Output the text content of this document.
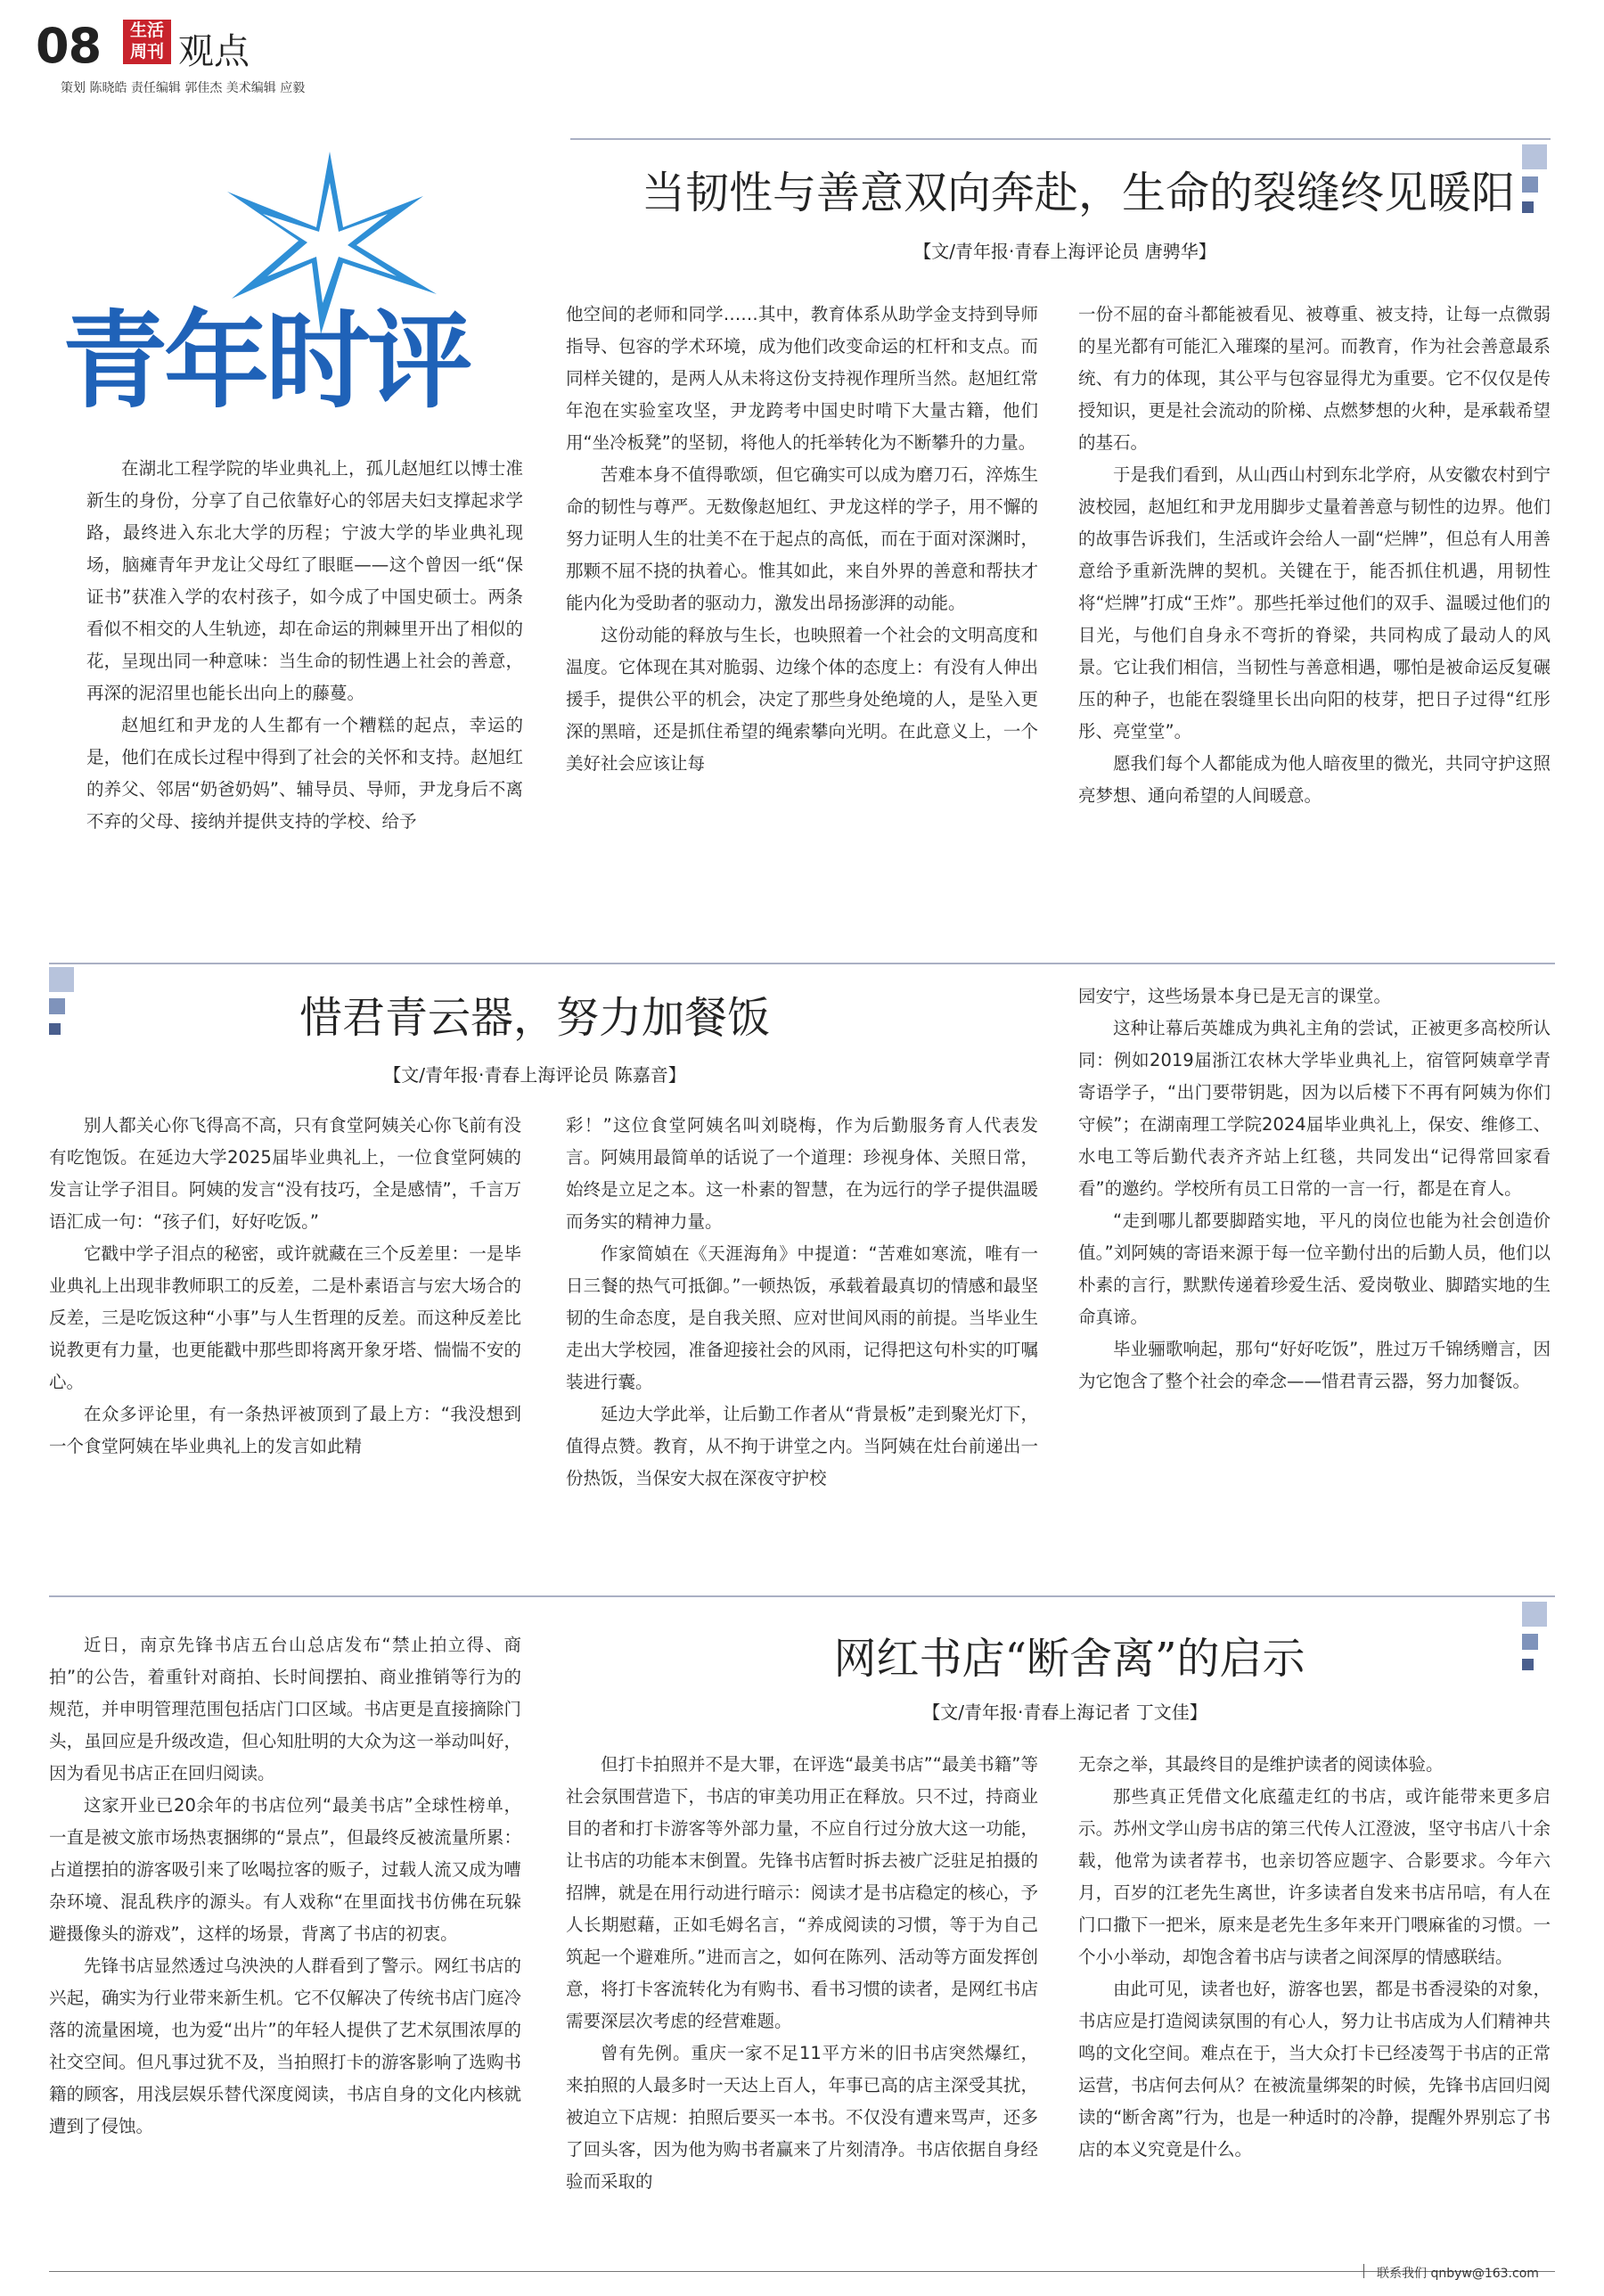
08	生活周刊 观点
策划 陈晓皓 责任编辑 郭佳杰 美术编辑 应毅
青年时评
当韧性与善意双向奔赴，生命的裂缝终见暖阳
【文/青年报·青春上海评论员 唐骋华】

在湖北工程学院的毕业典礼上，孤儿赵旭红以博士准新生的身份，分享了自己依靠好心的邻居夫妇支撑起求学路，最终进入东北大学的历程；宁波大学的毕业典礼现场，脑瘫青年尹龙让父母红了眼眶——这个曾因一纸“保证书”获准入学的农村孩子，如今成了中国史硕士。两条看似不相交的人生轨迹，却在命运的荆棘里开出了相似的花，呈现出同一种意味：当生命的韧性遇上社会的善意，再深的泥沼里也能长出向上的藤蔓。

赵旭红和尹龙的人生都有一个糟糕的起点，幸运的是，他们在成长过程中得到了社会的关怀和支持。赵旭红的养父、邻居“奶爸奶妈”、辅导员、导师，尹龙身后不离不弃的父母、接纳并提供支持的学校、给予

他空间的老师和同学……其中，教育体系从助学金支持到导师指导、包容的学术环境，成为他们改变命运的杠杆和支点。而同样关键的，是两人从未将这份支持视作理所当然。赵旭红常年泡在实验室攻坚，尹龙跨考中国史时啃下大量古籍，他们用“坐冷板凳”的坚韧，将他人的托举转化为不断攀升的力量。

苦难本身不值得歌颂，但它确实可以成为磨刀石，淬炼生命的韧性与尊严。无数像赵旭红、尹龙这样的学子，用不懈的努力证明人生的壮美不在于起点的高低，而在于面对深渊时，那颗不屈不挠的执着心。惟其如此，来自外界的善意和帮扶才能内化为受助者的驱动力，激发出昂扬澎湃的动能。

这份动能的释放与生长，也映照着一个社会的文明高度和温度。它体现在其对脆弱、边缘个体的态度上：有没有人伸出援手，提供公平的机会，决定了那些身处绝境的人，是坠入更深的黑暗，还是抓住希望的绳索攀向光明。在此意义上，一个美好社会应该让每

一份不屈的奋斗都能被看见、被尊重、被支持，让每一点微弱的星光都有可能汇入璀璨的星河。而教育，作为社会善意最系统、有力的体现，其公平与包容显得尤为重要。它不仅仅是传授知识，更是社会流动的阶梯、点燃梦想的火种，是承载希望的基石。

于是我们看到，从山西山村到东北学府，从安徽农村到宁波校园，赵旭红和尹龙用脚步丈量着善意与韧性的边界。他们的故事告诉我们，生活或许会给人一副“烂牌”，但总有人用善意给予重新洗牌的契机。关键在于，能否抓住机遇，用韧性将“烂牌”打成“王炸”。那些托举过他们的双手、温暖过他们的目光，与他们自身永不弯折的脊梁，共同构成了最动人的风景。它让我们相信，当韧性与善意相遇，哪怕是被命运反复碾压的种子，也能在裂缝里长出向阳的枝芽，把日子过得“红彤彤、亮堂堂”。

愿我们每个人都能成为他人暗夜里的微光，共同守护这照亮梦想、通向希望的人间暖意。

惜君青云器，努力加餐饭
【文/青年报·青春上海评论员 陈嘉音】

别人都关心你飞得高不高，只有食堂阿姨关心你飞前有没有吃饱饭。在延边大学2025届毕业典礼上，一位食堂阿姨的发言让学子泪目。阿姨的发言“没有技巧，全是感情”，千言万语汇成一句：“孩子们，好好吃饭。”

它戳中学子泪点的秘密，或许就藏在三个反差里：一是毕业典礼上出现非教师职工的反差，二是朴素语言与宏大场合的反差，三是吃饭这种“小事”与人生哲理的反差。而这种反差比说教更有力量，也更能戳中那些即将离开象牙塔、惴惴不安的心。

在众多评论里，有一条热评被顶到了最上方：“我没想到一个食堂阿姨在毕业典礼上的发言如此精

彩！”这位食堂阿姨名叫刘晓梅，作为后勤服务育人代表发言。阿姨用最简单的话说了一个道理：珍视身体、关照日常，始终是立足之本。这一朴素的智慧，在为远行的学子提供温暖而务实的精神力量。

作家简媜在《天涯海角》中提道：“苦难如寒流，唯有一日三餐的热气可抵御。”一顿热饭，承载着最真切的情感和最坚韧的生命态度，是自我关照、应对世间风雨的前提。当毕业生走出大学校园，准备迎接社会的风雨，记得把这句朴实的叮嘱装进行囊。

延边大学此举，让后勤工作者从“背景板”走到聚光灯下，值得点赞。教育，从不拘于讲堂之内。当阿姨在灶台前递出一份热饭，当保安大叔在深夜守护校

园安宁，这些场景本身已是无言的课堂。

这种让幕后英雄成为典礼主角的尝试，正被更多高校所认同：例如2019届浙江农林大学毕业典礼上，宿管阿姨章学青寄语学子，“出门要带钥匙，因为以后楼下不再有阿姨为你们守候”；在湖南理工学院2024届毕业典礼上，保安、维修工、水电工等后勤代表齐齐站上红毯，共同发出“记得常回家看看”的邀约。学校所有员工日常的一言一行，都是在育人。

“走到哪儿都要脚踏实地，平凡的岗位也能为社会创造价值。”刘阿姨的寄语来源于每一位辛勤付出的后勤人员，他们以朴素的言行，默默传递着珍爱生活、爱岗敬业、脚踏实地的生命真谛。

毕业骊歌响起，那句“好好吃饭”，胜过万千锦绣赠言，因为它饱含了整个社会的牵念——惜君青云器，努力加餐饭。

网红书店“断舍离”的启示
【文/青年报·青春上海记者 丁文佳】

近日，南京先锋书店五台山总店发布“禁止拍立得、商拍”的公告，着重针对商拍、长时间摆拍、商业推销等行为的规范，并申明管理范围包括店门口区域。书店更是直接摘除门头，虽回应是升级改造，但心知肚明的大众为这一举动叫好，因为看见书店正在回归阅读。

这家开业已20余年的书店位列“最美书店”全球性榜单，一直是被文旅市场热衷捆绑的“景点”，但最终反被流量所累：占道摆拍的游客吸引来了吆喝拉客的贩子，过载人流又成为嘈杂环境、混乱秩序的源头。有人戏称“在里面找书仿佛在玩躲避摄像头的游戏”，这样的场景，背离了书店的初衷。

先锋书店显然透过乌泱泱的人群看到了警示。网红书店的兴起，确实为行业带来新生机。它不仅解决了传统书店门庭冷落的流量困境，也为爱“出片”的年轻人提供了艺术氛围浓厚的社交空间。但凡事过犹不及，当拍照打卡的游客影响了选购书籍的顾客，用浅层娱乐替代深度阅读，书店自身的文化内核就遭到了侵蚀。

但打卡拍照并不是大罪，在评选“最美书店”“最美书籍”等社会氛围营造下，书店的审美功用正在释放。只不过，持商业目的者和打卡游客等外部力量，不应自行过分放大这一功能，让书店的功能本末倒置。先锋书店暂时拆去被广泛驻足拍摄的招牌，就是在用行动进行暗示：阅读才是书店稳定的核心，予人长期慰藉，正如毛姆名言，“养成阅读的习惯，等于为自己筑起一个避难所。”进而言之，如何在陈列、活动等方面发挥创意，将打卡客流转化为有购书、看书习惯的读者，是网红书店需要深层次考虑的经营难题。

曾有先例。重庆一家不足11平方米的旧书店突然爆红，来拍照的人最多时一天达上百人，年事已高的店主深受其扰，被迫立下店规：拍照后要买一本书。不仅没有遭来骂声，还多了回头客，因为他为购书者赢来了片刻清净。书店依据自身经验而采取的

无奈之举，其最终目的是维护读者的阅读体验。

那些真正凭借文化底蕴走红的书店，或许能带来更多启示。苏州文学山房书店的第三代传人江澄波，坚守书店八十余载，他常为读者荐书，也亲切答应题字、合影要求。今年六月，百岁的江老先生离世，许多读者自发来书店吊唁，有人在门口撒下一把米，原来是老先生多年来开门喂麻雀的习惯。一个小小举动，却饱含着书店与读者之间深厚的情感联结。

由此可见，读者也好，游客也罢，都是书香浸染的对象，书店应是打造阅读氛围的有心人，努力让书店成为人们精神共鸣的文化空间。难点在于，当大众打卡已经凌驾于书店的正常运营，书店何去何从？在被流量绑架的时候，先锋书店回归阅读的“断舍离”行为，也是一种适时的冷静，提醒外界别忘了书店的本义究竟是什么。

联系我们 qnbyw@163.com
